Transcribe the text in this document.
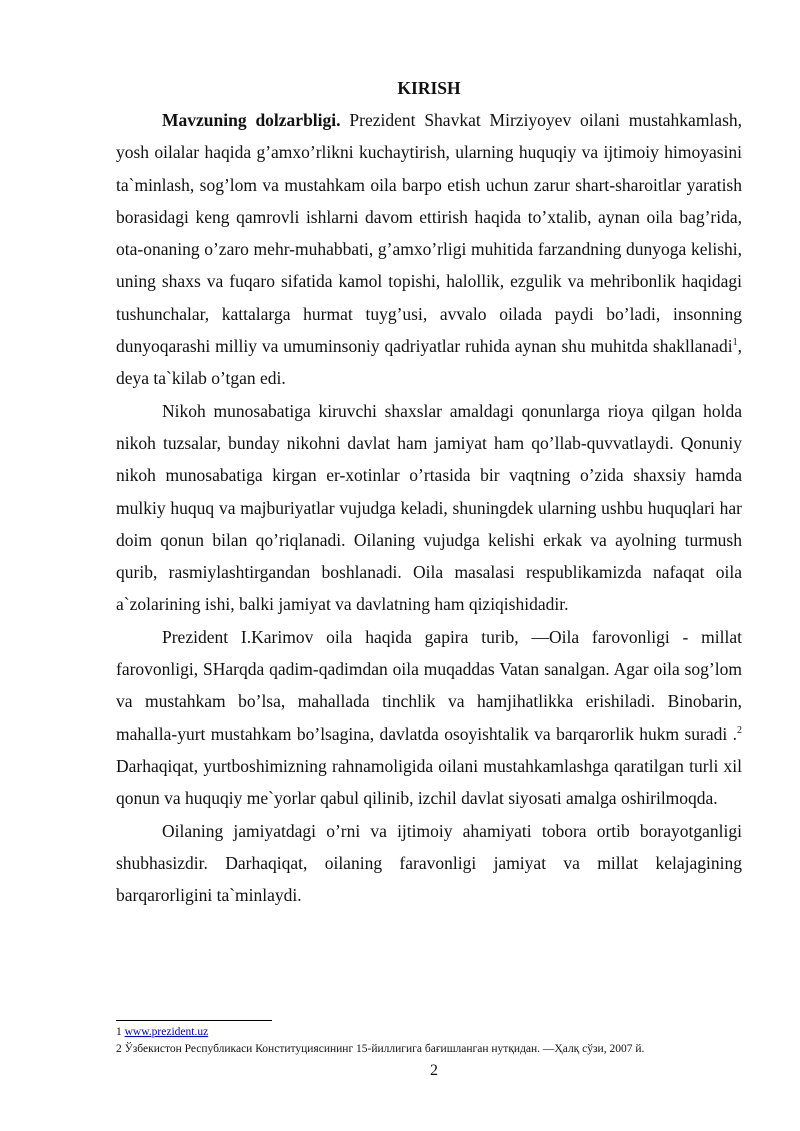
KIRISH

Mavzuning dolzarbligi. Prezident Shavkat Mirziyoyev oilani mustahkamlash, yosh oilalar haqida g’amxo’rlikni kuchaytirish, ularning huquqiy va ijtimoiy himoyasini ta`minlash, sog’lom va mustahkam oila barpo etish uchun zarur shart-sharoitlar yaratish borasidagi keng qamrovli ishlarni davom ettirish haqida to’xtalib, aynan oila bag’rida, ota-onaning o’zaro mehr-muhabbati, g’amxo’rligi muhitida farzandning dunyoga kelishi, uning shaxs va fuqaro sifatida kamol topishi, halollik, ezgulik va mehribonlik haqidagi tushunchalar, kattalarga hurmat tuyg’usi, avvalo oilada paydi bo’ladi, insonning dunyoqarashi milliy va umuminsoniy qadriyatlar ruhida aynan shu muhitda shakllanadi$^1$, deya ta`kilab o’tgan edi.

Nikoh munosabatiga kiruvchi shaxslar amaldagi qonunlarga rioya qilgan holda nikoh tuzsalar, bunday nikohni davlat ham jamiyat ham qo’llab-quvvatlaydi. Qonuniy nikoh munosabatiga kirgan er-xotinlar o’rtasida bir vaqtning o’zida shaxsiy hamda mulkiy huquq va majburiyatlar vujudga keladi, shuningdek ularning ushbu huquqlari har doim qonun bilan qo’riqlanadi. Oilaning vujudga kelishi erkak va ayolning turmush qurib, rasmiylashtirgandan boshlanadi. Oila masalasi respublikamizda nafaqat oila a`zolarining ishi, balki jamiyat va davlatning ham qiziqishidadir.

Prezident I.Karimov oila haqida gapira turib, ―Oila farovonligi - millat farovonligi, SHarqda qadim-qadimdan oila muqaddas Vatan sanalgan. Agar oila sog’lom va mustahkam bo’lsa, mahallada tinchlik va hamjihatlikka erishiladi. Binobarin, mahalla-yurt mustahkam bo’lsagina, davlatda osoyishtalik va barqarorlik hukm suradi .$^2$ Darhaqiqat, yurtboshimizning rahnamoligida oilani mustahkamlashga qaratilgan turli xil qonun va huquqiy me`yorlar qabul qilinib, izchil davlat siyosati amalga oshirilmoqda.

Oilaning jamiyatdagi o’rni va ijtimoiy ahamiyati tobora ortib borayotganligi shubhasizdir. Darhaqiqat, oilaning faravonligi jamiyat va millat kelajagining barqarorligini ta`minlaydi.

1 www.prezident.uz
2 Ўзбекистон Республикаси Конституциясининг 15-йиллигига бағишланган нутқидан. ―Ҳалқ сўзи, 2007 й.
2
